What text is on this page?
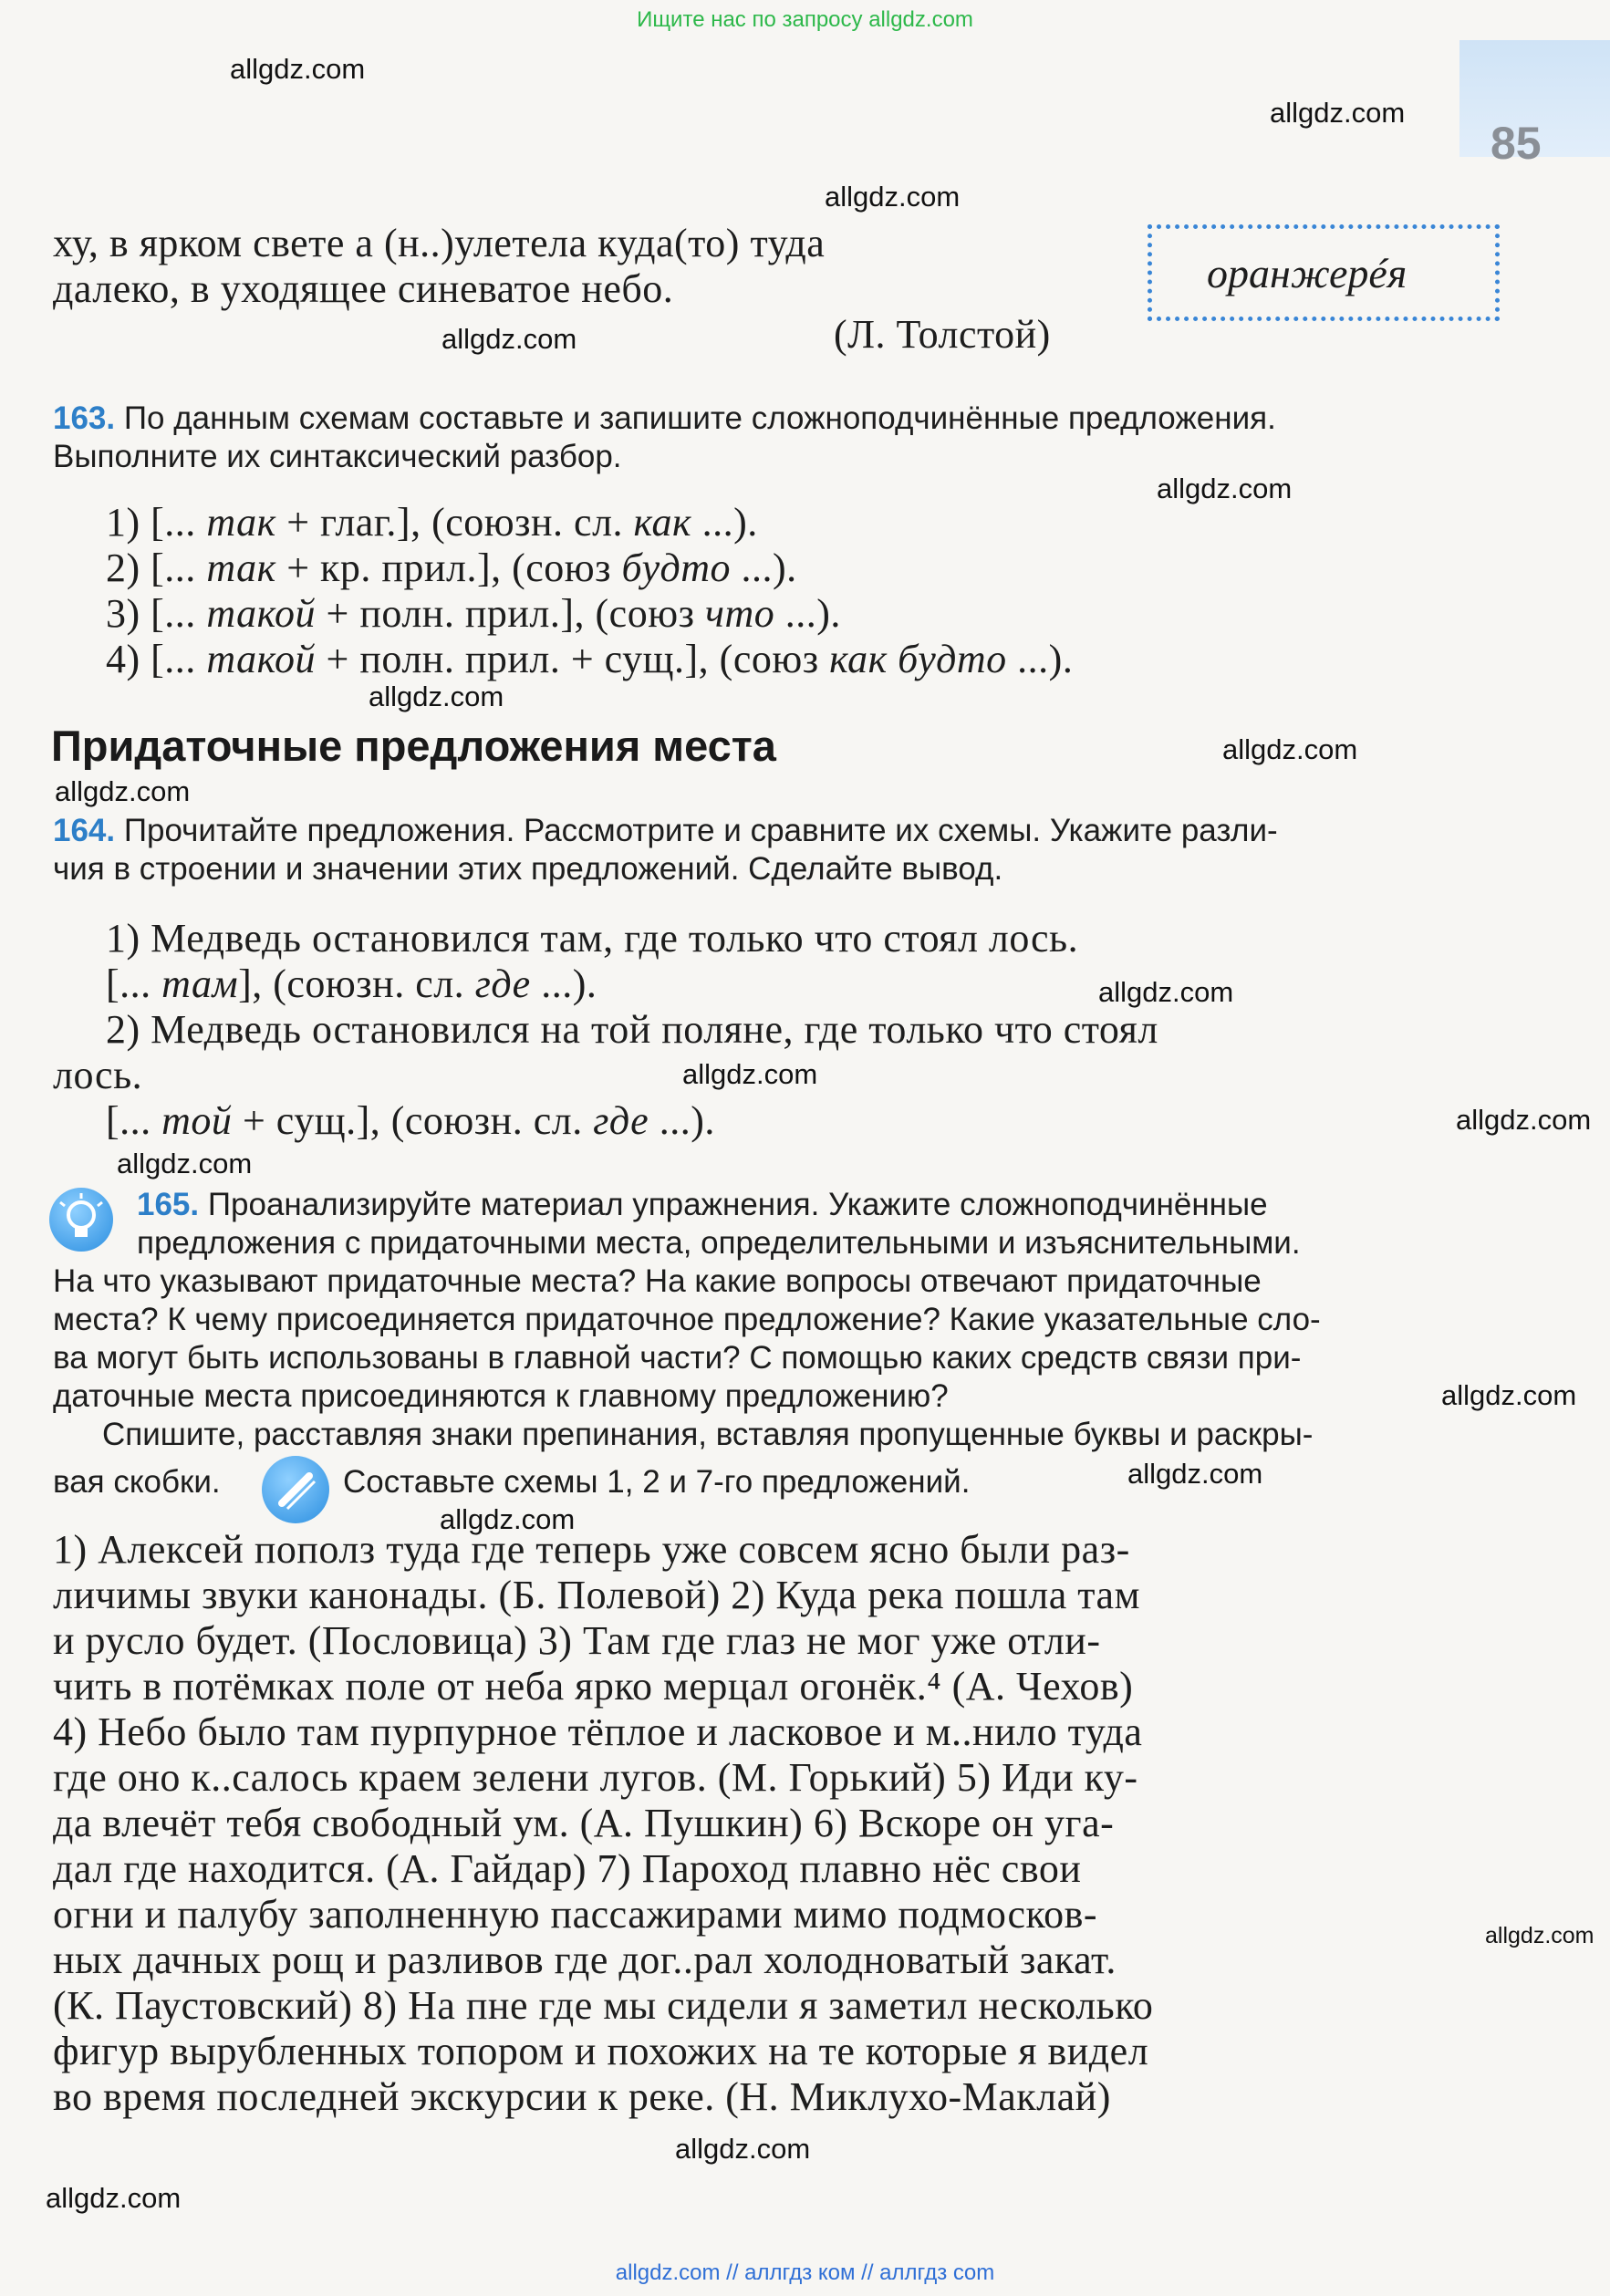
Ищите нас по запросу allgdz.com
85
оранжерéя
ху, в ярком свете а (н..)улетела куда(то) туда
далеко, в уходящее синеватое небо.
(Л. Толстой)
163. По данным схемам составьте и запишите сложноподчинённые предложения.
Выполните их синтаксический разбор.
1) [... так + глаг.], (союзн. сл. как ...).
2) [... так + кр. прил.], (союз будто ...).
3) [... такой + полн. прил.], (союз что ...).
4) [... такой + полн. прил. + сущ.], (союз как будто ...).
Придаточные предложения места
164. Прочитайте предложения. Рассмотрите и сравните их схемы. Укажите разли-
чия в строении и значении этих предложений. Сделайте вывод.
1) Медведь остановился там, где только что стоял лось.
[... там], (союзн. сл. где ...).
2) Медведь остановился на той поляне, где только что стоял
лось.
[... той + сущ.], (союзн. сл. где ...).
165. Проанализируйте материал упражнения. Укажите сложноподчинённые
предложения с придаточными места, определительными и изъяснительными.
На что указывают придаточные места? На какие вопросы отвечают придаточные
места? К чему присоединяется придаточное предложение? Какие указательные сло-
ва могут быть использованы в главной части? С помощью каких средств связи при-
даточные места присоединяются к главному предложению?
Спишите, расставляя знаки препинания, вставляя пропущенные буквы и раскры-
вая скобки.	Составьте схемы 1, 2 и 7-го предложений.
1) Алексей пополз туда где теперь уже совсем ясно были раз-
личимы звуки канонады. (Б. Полевой) 2) Куда река пошла там
и русло будет. (Пословица) 3) Там где глаз не мог уже отли-
чить в потёмках поле от неба ярко мерцал огонёк.⁴ (А. Чехов)
4) Небо было там пурпурное тёплое и ласковое и м..нило туда
где оно к..салось краем зелени лугов. (М. Горький) 5) Иди ку-
да влечёт тебя свободный ум. (А. Пушкин) 6) Вскоре он уга-
дал где находится. (А. Гайдар) 7) Пароход плавно нёс свои
огни и палубу заполненную пассажирами мимо подмосков-
ных дачных рощ и разливов где дог..рал холодноватый закат.
(К. Паустовский) 8) На пне где мы сидели я заметил несколько
фигур вырубленных топором и похожих на те которые я видел
во время последней экскурсии к реке. (Н. Миклухо-Маклай)
allgdz.com
allgdz.com
allgdz.com
allgdz.com
allgdz.com
allgdz.com
allgdz.com
allgdz.com
allgdz.com
allgdz.com
allgdz.com
allgdz.com
allgdz.com
allgdz.com
allgdz.com
allgdz.com
allgdz.com
allgdz.com
allgdz.com // аллгдз ком // аллгдз com
